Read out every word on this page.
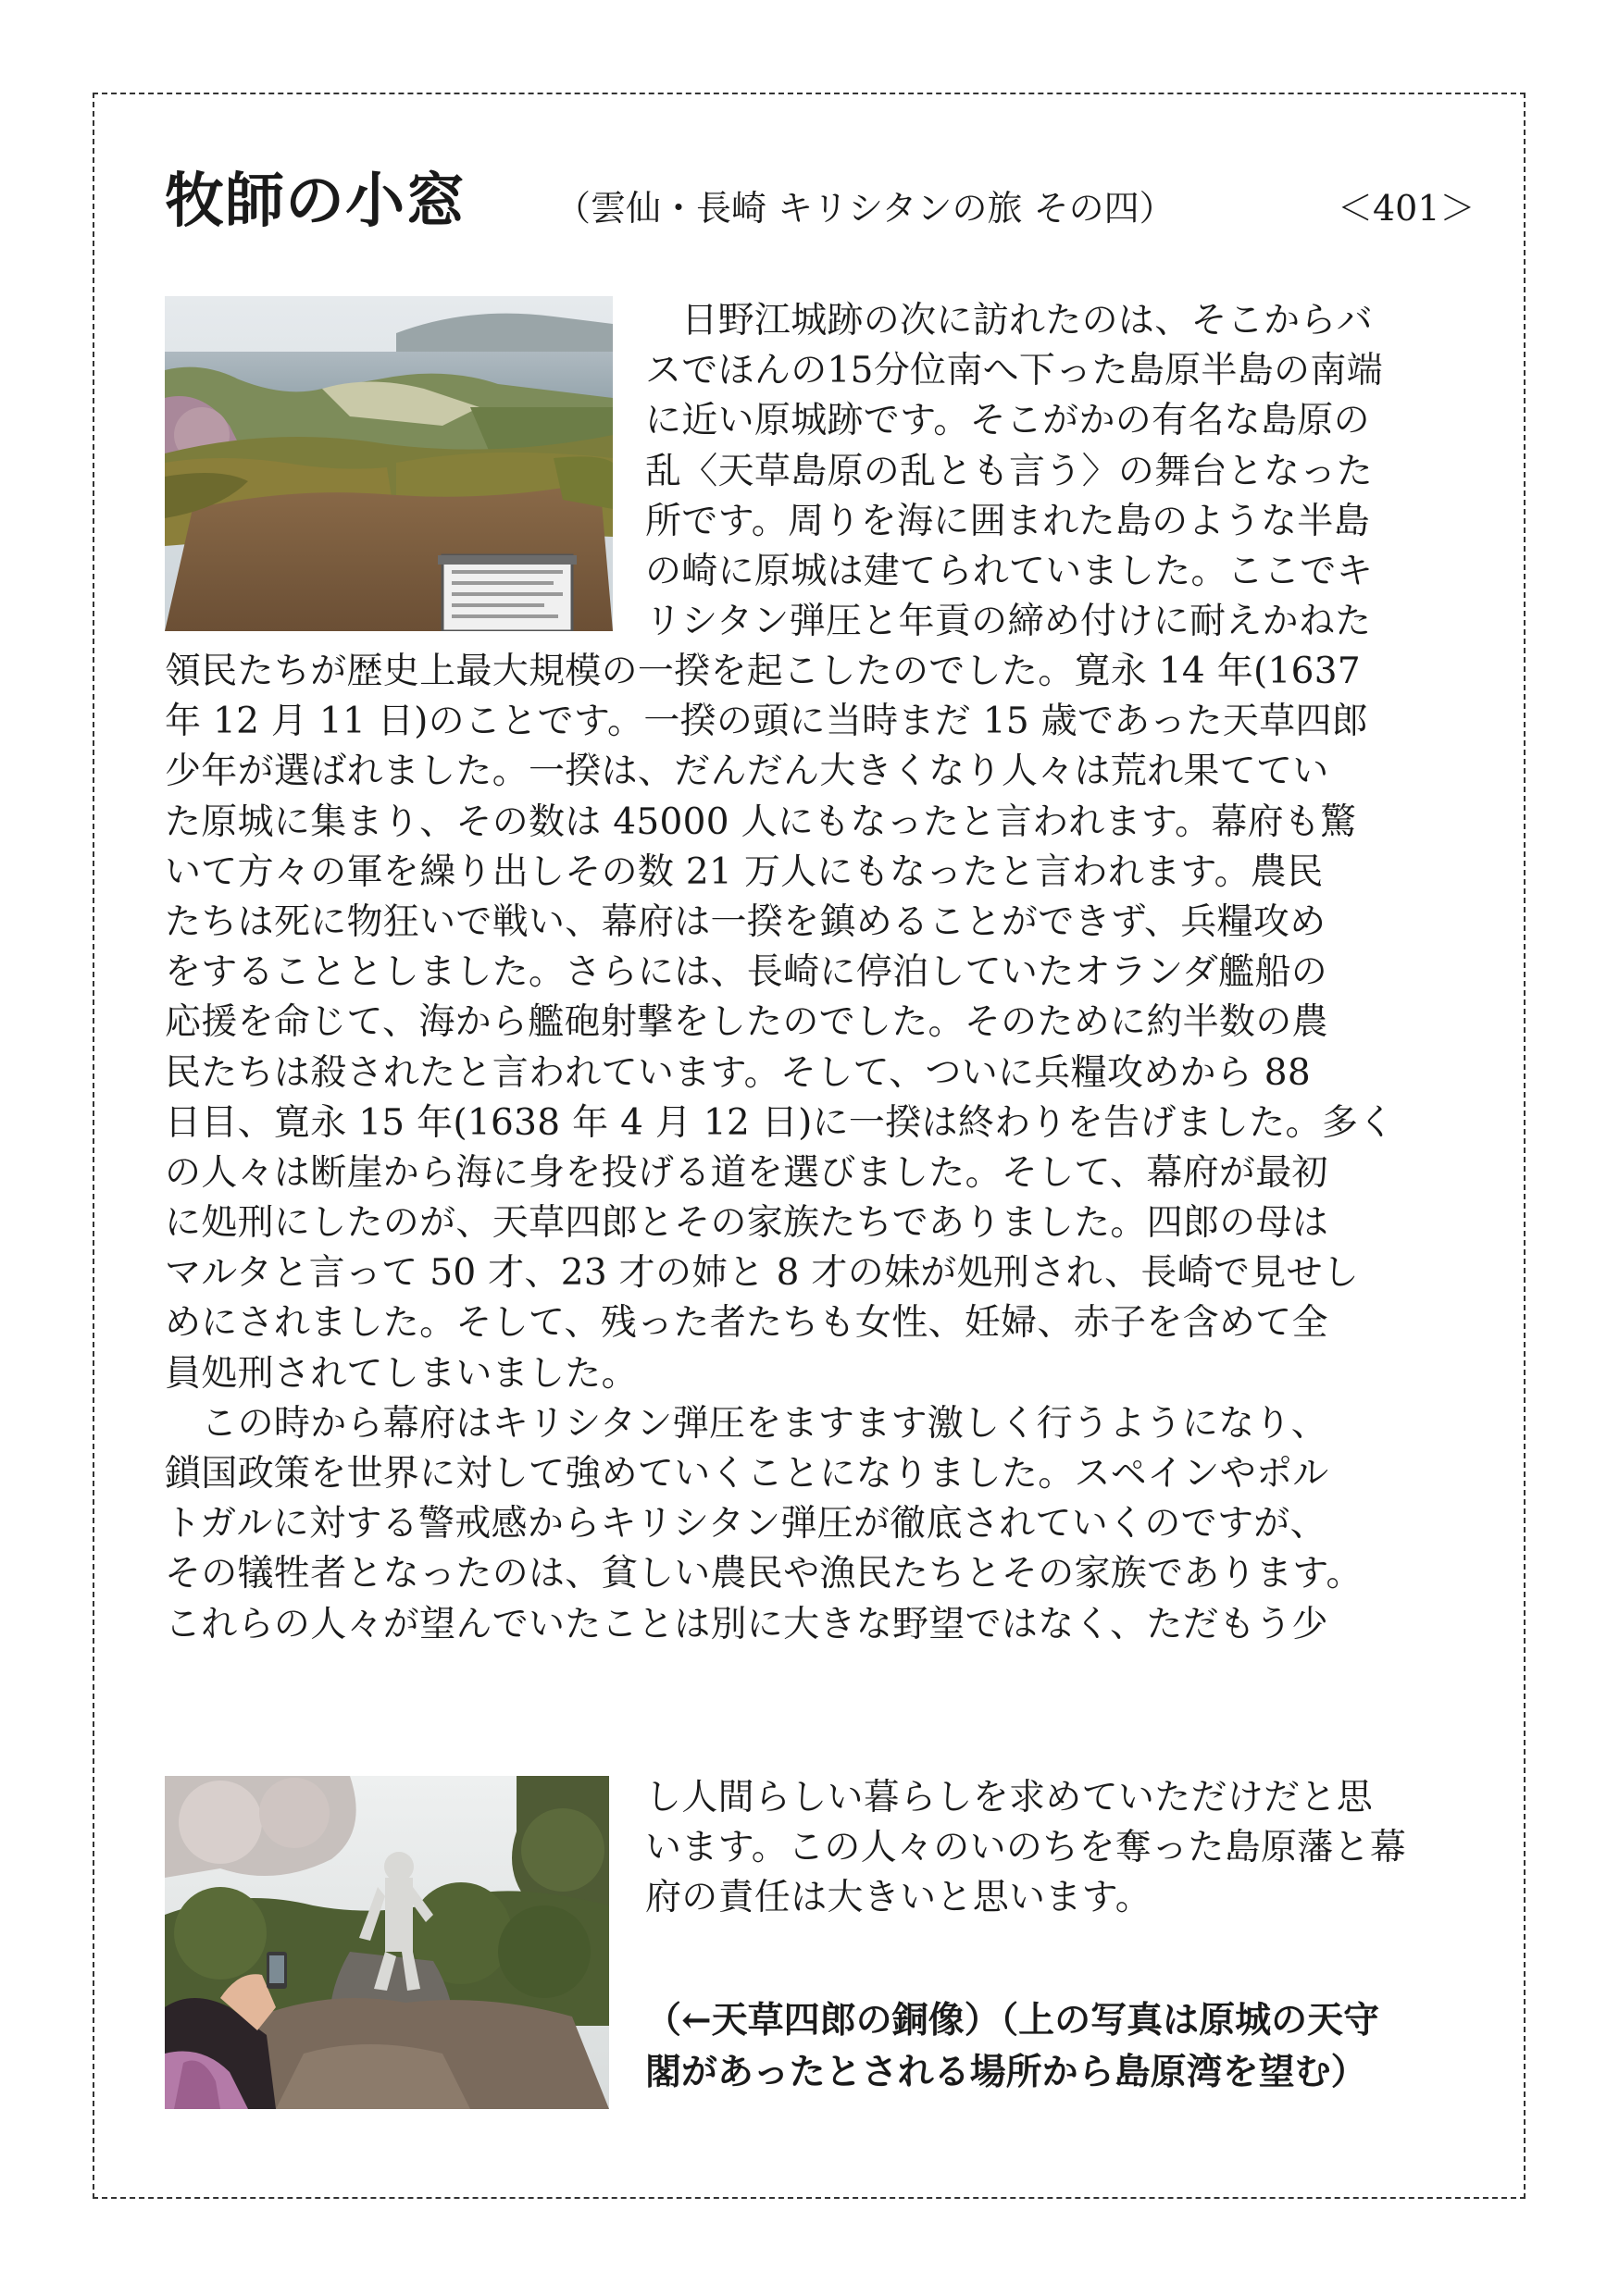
牧師の小窓	（雲仙・長崎 キリシタンの旅 その四）	＜401＞
　日野江城跡の次に訪れたのは、そこからバ
スでほんの15分位南へ下った島原半島の南端
に近い原城跡です。そこがかの有名な島原の
乱〈天草島原の乱とも言う〉の舞台となった
所です。周りを海に囲まれた島のような半島
の崎に原城は建てられていました。ここでキ
リシタン弾圧と年貢の締め付けに耐えかねた
領民たちが歴史上最大規模の一揆を起こしたのでした。寛永 14 年(1637
年 12 月 11 日)のことです。一揆の頭に当時まだ 15 歳であった天草四郎
少年が選ばれました。一揆は、だんだん大きくなり人々は荒れ果ててい
た原城に集まり、その数は 45000 人にもなったと言われます。幕府も驚
いて方々の軍を繰り出しその数 21 万人にもなったと言われます。農民
たちは死に物狂いで戦い、幕府は一揆を鎮めることができず、兵糧攻め
をすることとしました。さらには、長崎に停泊していたオランダ艦船の
応援を命じて、海から艦砲射撃をしたのでした。そのために約半数の農
民たちは殺されたと言われています。そして、ついに兵糧攻めから 88
日目、寛永 15 年(1638 年 4 月 12 日)に一揆は終わりを告げました。多く
の人々は断崖から海に身を投げる道を選びました。そして、幕府が最初
に処刑にしたのが、天草四郎とその家族たちでありました。四郎の母は
マルタと言って 50 才、23 才の姉と 8 才の妹が処刑され、長崎で見せし
めにされました。そして、残った者たちも女性、妊婦、赤子を含めて全
員処刑されてしまいました。
　この時から幕府はキリシタン弾圧をますます激しく行うようになり、
鎖国政策を世界に対して強めていくことになりました。スペインやポル
トガルに対する警戒感からキリシタン弾圧が徹底されていくのですが、
その犠牲者となったのは、貧しい農民や漁民たちとその家族であります。
これらの人々が望んでいたことは別に大きな野望ではなく、ただもう少
し人間らしい暮らしを求めていただけだと思
います。この人々のいのちを奪った島原藩と幕
府の責任は大きいと思います。
（←天草四郎の銅像）（上の写真は原城の天守
閣があったとされる場所から島原湾を望む）
